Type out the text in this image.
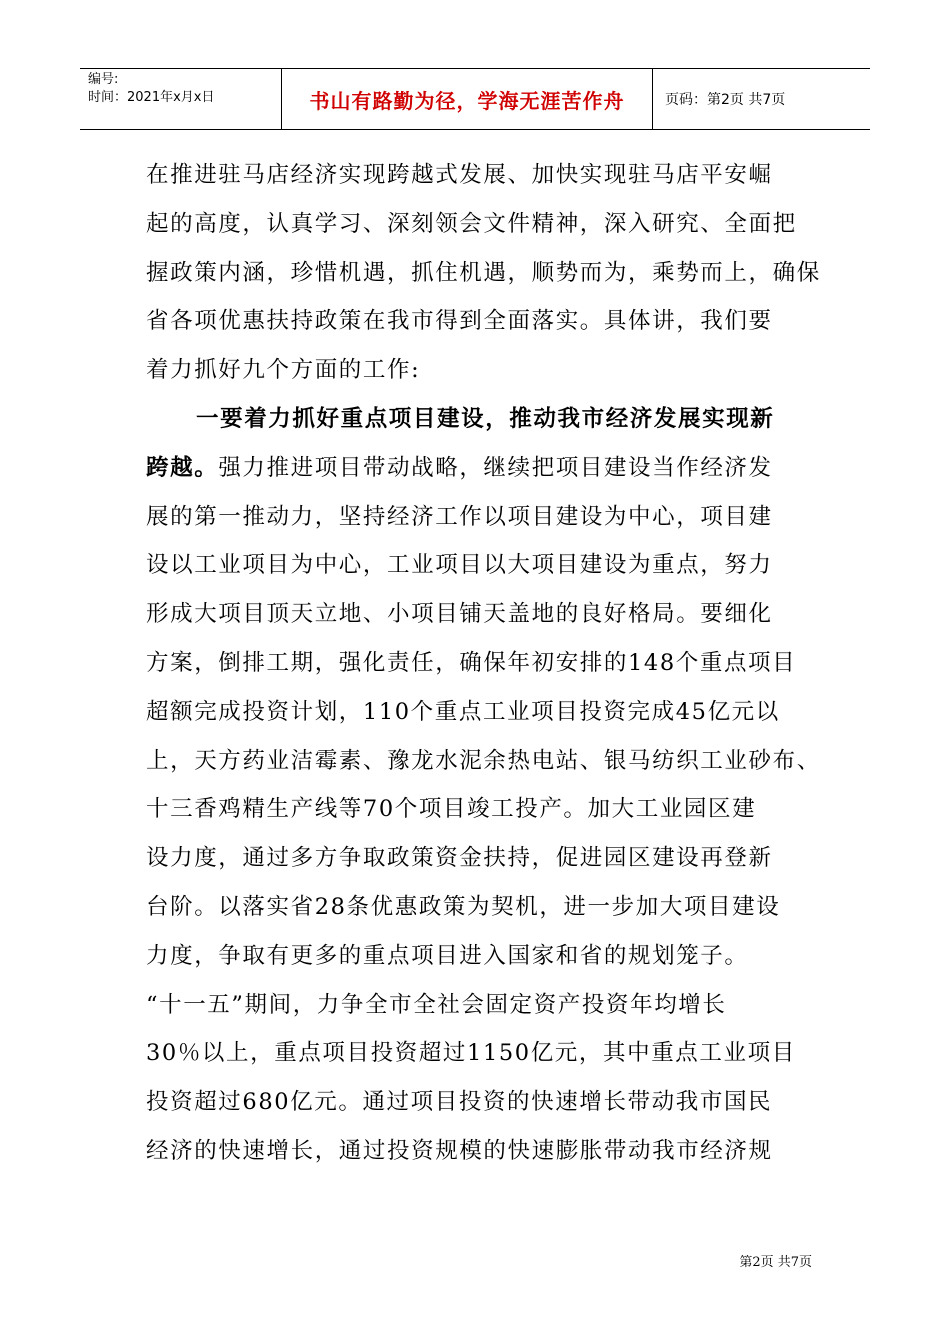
编号:
时间：2021年x月x日	书山有路勤为径，学海无涯苦作舟	页码：第2页 共7页
在推进驻马店经济实现跨越式发展、加快实现驻马店平安崛
起的高度，认真学习、深刻领会文件精神，深入研究、全面把
握政策内涵，珍惜机遇，抓住机遇，顺势而为，乘势而上，确保
省各项优惠扶持政策在我市得到全面落实。具体讲，我们要
着力抓好九个方面的工作:
一要着力抓好重点项目建设，推动我市经济发展实现新
跨越。强力推进项目带动战略，继续把项目建设当作经济发
展的第一推动力，坚持经济工作以项目建设为中心，项目建
设以工业项目为中心，工业项目以大项目建设为重点，努力
形成大项目顶天立地、小项目铺天盖地的良好格局。要细化
方案，倒排工期，强化责任，确保年初安排的148个重点项目
超额完成投资计划，110个重点工业项目投资完成45亿元以
上，天方药业洁霉素、豫龙水泥余热电站、银马纺织工业砂布、
十三香鸡精生产线等70个项目竣工投产。加大工业园区建
设力度，通过多方争取政策资金扶持，促进园区建设再登新
台阶。以落实省28条优惠政策为契机，进一步加大项目建设
力度，争取有更多的重点项目进入国家和省的规划笼子。
“十一五”期间，力争全市全社会固定资产投资年均增长
30％以上，重点项目投资超过1150亿元，其中重点工业项目
投资超过680亿元。通过项目投资的快速增长带动我市国民
经济的快速增长，通过投资规模的快速膨胀带动我市经济规
第2页 共7页
